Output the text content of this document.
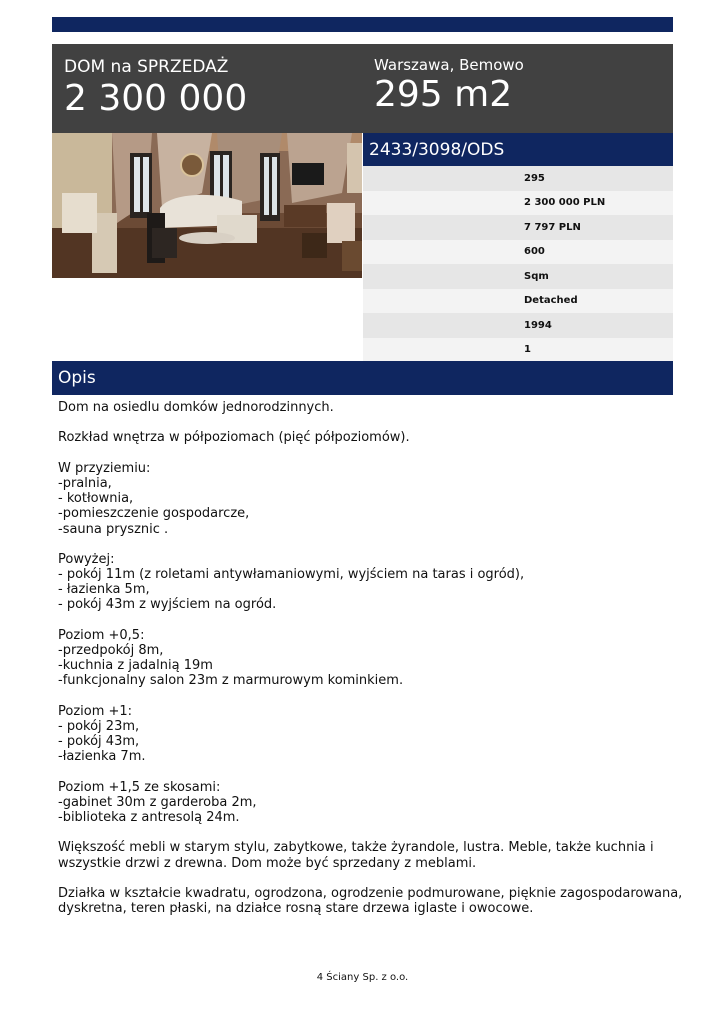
DOM na SPRZEDAŻ
2 300 000
Warszawa, Bemowo
295 m2
2433/3098/ODS
295
2 300 000 PLN
7 797 PLN
600
Sqm
Detached
1994
1
Opis
Dom na osiedlu domków jednorodzinnych.
Rozkład wnętrza w półpoziomach (pięć półpoziomów).
W przyziemiu:
-pralnia,
- kotłownia,
-pomieszczenie gospodarcze,
-sauna prysznic .
Powyżej:
- pokój 11m (z roletami antywłamaniowymi, wyjściem na taras i ogród),
- łazienka 5m,
- pokój 43m z wyjściem na ogród.
Poziom +0,5:
-przedpokój 8m,
-kuchnia z jadalnią 19m
-funkcjonalny salon 23m z marmurowym kominkiem.
Poziom +1:
- pokój 23m,
- pokój 43m,
-łazienka 7m.
Poziom +1,5 ze skosami:
-gabinet 30m z garderoba 2m,
-biblioteka z antresolą 24m.
Większość mebli w starym stylu, zabytkowe, także żyrandole, lustra. Meble, także kuchnia i
wszystkie drzwi z drewna. Dom może być sprzedany z meblami.
Działka w kształcie kwadratu, ogrodzona, ogrodzenie podmurowane, pięknie zagospodarowana,
dyskretna, teren płaski, na działce rosną stare drzewa iglaste i owocowe.
4 Ściany Sp. z o.o.
